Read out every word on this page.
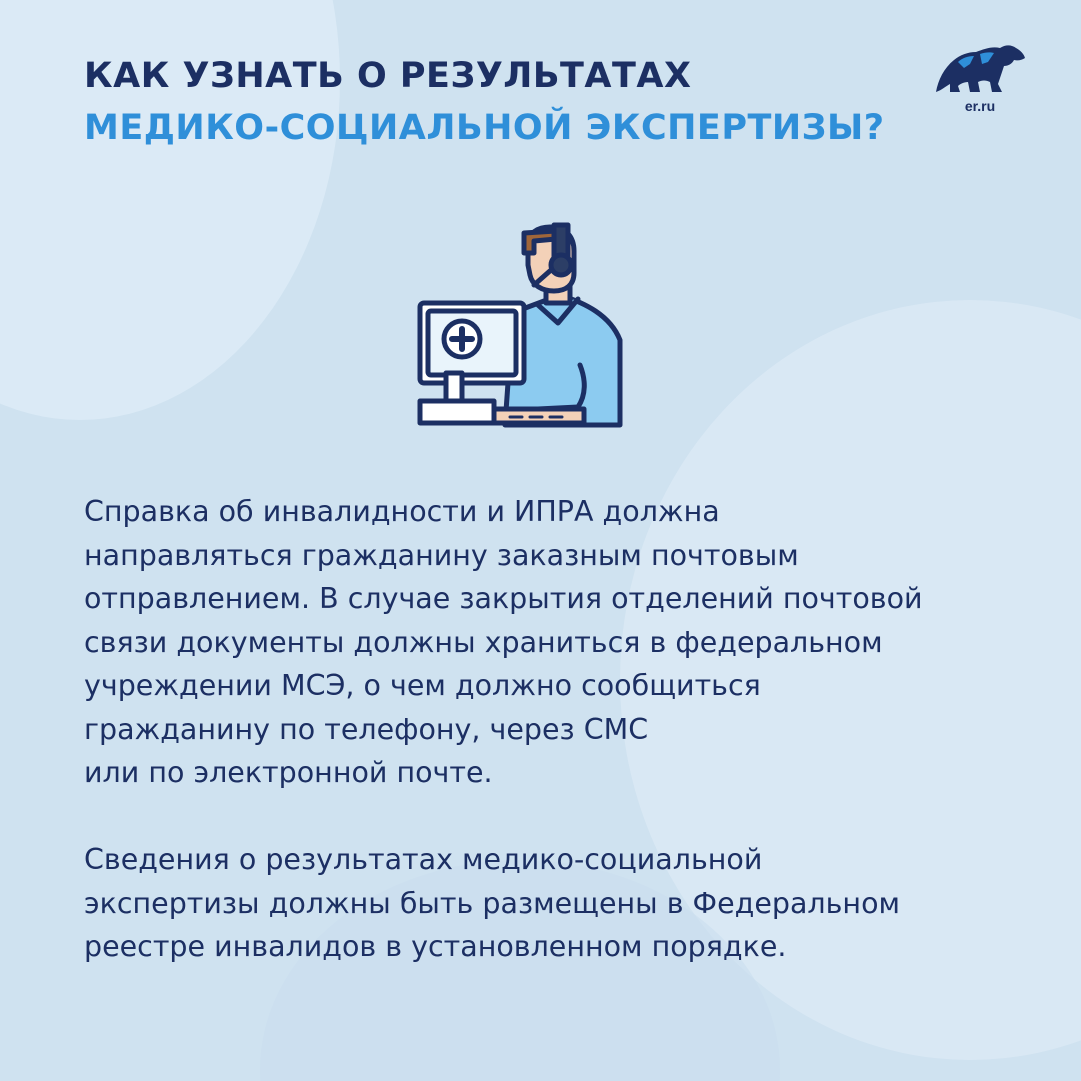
КАК УЗНАТЬ О РЕЗУЛЬТАТАХ
МЕДИКО-СОЦИАЛЬНОЙ ЭКСПЕРТИЗЫ?
er.ru

Справка об инвалидности и ИПРА должна
направляться гражданину заказным почтовым
отправлением. В случае закрытия отделений почтовой
связи документы должны храниться в федеральном
учреждении МСЭ, о чем должно сообщиться
гражданину по телефону, через СМС
или по электронной почте.

Сведения о результатах медико-социальной
экспертизы должны быть размещены в Федеральном
реестре инвалидов в установленном порядке.
